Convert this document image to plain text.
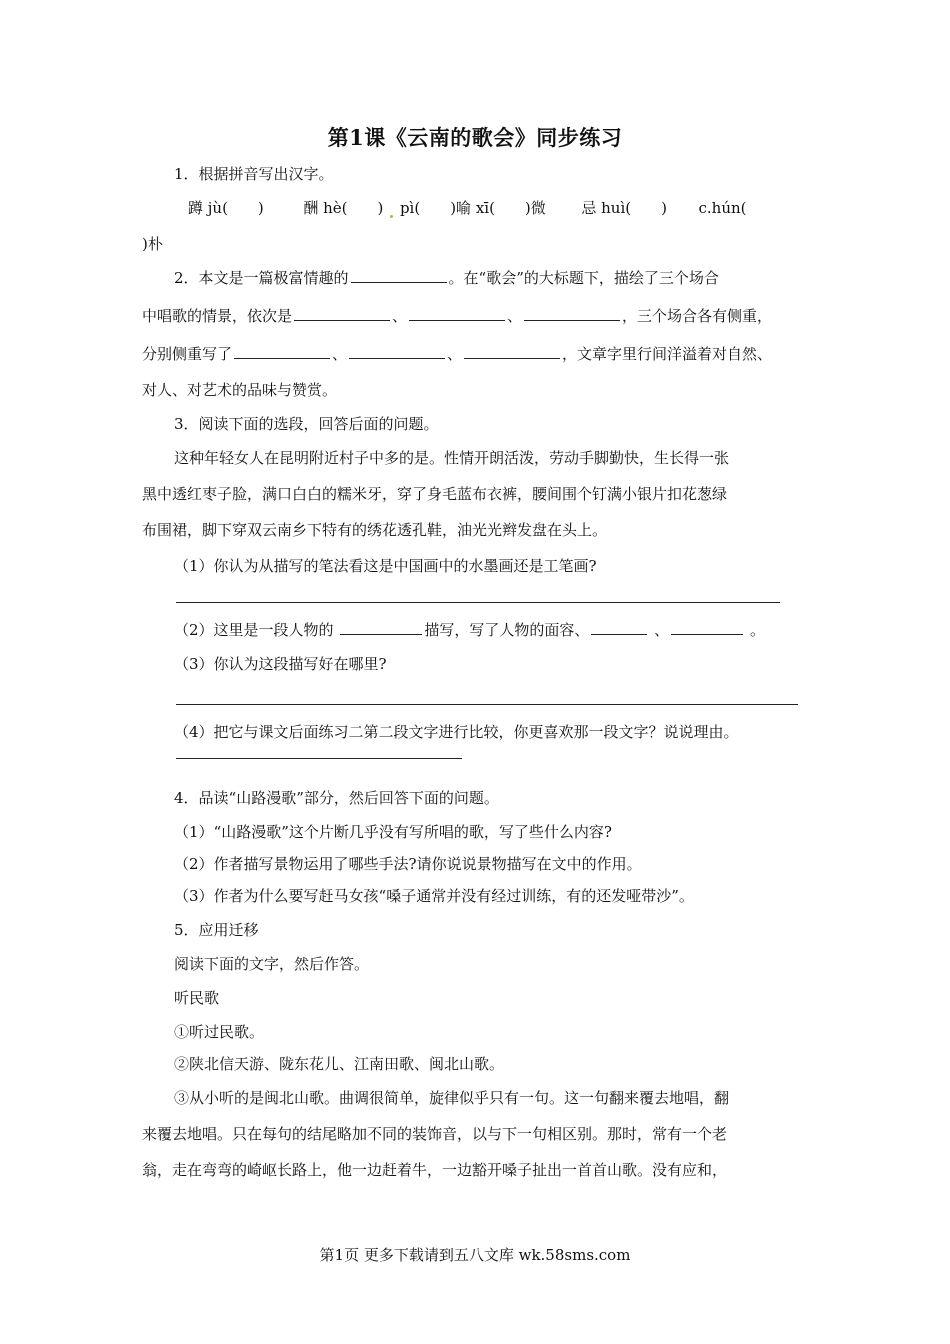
第1课《云南的歌会》同步练习
1．根据拼音写出汉字。
蹲 jù(　　)	酬 hè(　　) pì(　　)喻 xī(　　)微 忌 huì(　　) c.hún(
)朴
2．本文是一篇极富情趣的	。在“歌会”的大标题下，描绘了三个场合
中唱歌的情景，依次是	、	、	，三个场合各有侧重，
分别侧重写了	、	、	，文章字里行间洋溢着对自然、
对人、对艺术的品味与赞赏。
3．阅读下面的选段，回答后面的问题。
这种年轻女人在昆明附近村子中多的是。性情开朗活泼，劳动手脚勤快，生长得一张
黑中透红枣子脸，满口白白的糯米牙，穿了身毛蓝布衣裤，腰间围个钉满小银片扣花葱绿
布围裙，脚下穿双云南乡下特有的绣花透孔鞋，油光光辫发盘在头上。
（1）你认为从描写的笔法看这是中国画中的水墨画还是工笔画?
（2）这里是一段人物的	描写，写了人物的面容、	、	。
（3）你认为这段描写好在哪里?
（4）把它与课文后面练习二第二段文字进行比较，你更喜欢那一段文字？说说理由。
4．品读“山路漫歌”部分，然后回答下面的问题。
（1）“山路漫歌”这个片断几乎没有写所唱的歌，写了些什么内容?
（2）作者描写景物运用了哪些手法?请你说说景物描写在文中的作用。
（3）作者为什么要写赶马女孩“嗓子通常并没有经过训练，有的还发哑带沙”。
5．应用迁移
阅读下面的文字，然后作答。
听民歌
①听过民歌。
②陕北信天游、陇东花儿、江南田歌、闽北山歌。
③从小听的是闽北山歌。曲调很简单，旋律似乎只有一句。这一句翻来覆去地唱，翻
来覆去地唱。只在每句的结尾略加不同的装饰音，以与下一句相区别。那时，常有一个老
翁，走在弯弯的崎岖长路上，他一边赶着牛，一边豁开嗓子扯出一首首山歌。没有应和，
第1页 更多下载请到五八文库 wk.58sms.com
